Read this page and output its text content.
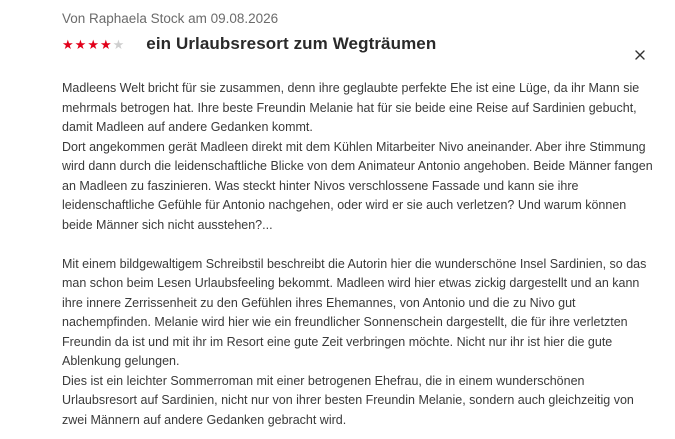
Von Raphaela Stock am 09.08.2026
★ ★ ★ ★ ★ ein Urlaubsresort zum Wegträumen

Madleens Welt bricht für sie zusammen, denn ihre geglaubte perfekte Ehe ist eine Lüge, da ihr Mann sie mehrmals betrogen hat. Ihre beste Freundin Melanie hat für sie beide eine Reise auf Sardinien gebucht, damit Madleen auf andere Gedanken kommt.
Dort angekommen gerät Madleen direkt mit dem Kühlen Mitarbeiter Nivo aneinander. Aber ihre Stimmung wird dann durch die leidenschaftliche Blicke von dem Animateur Antonio angehoben. Beide Männer fangen an Madleen zu faszinieren. Was steckt hinter Nivos verschlossene Fassade und kann sie ihre leidenschaftliche Gefühle für Antonio nachgehen, oder wird er sie auch verletzen? Und warum können beide Männer sich nicht ausstehen?...

Mit einem bildgewaltigem Schreibstil beschreibt die Autorin hier die wunderschöne Insel Sardinien, so das man schon beim Lesen Urlaubsfeeling bekommt. Madleen wird hier etwas zickig dargestellt und an kann ihre innere Zerrissenheit zu den Gefühlen ihres Ehemannes, von Antonio und die zu Nivo gut nachempfinden. Melanie wird hier wie ein freundlicher Sonnenschein dargestellt, die für ihre verletzten Freundin da ist und mit ihr im Resort eine gute Zeit verbringen möchte. Nicht nur ihr ist hier die gute Ablenkung gelungen.
Dies ist ein leichter Sommerroman mit einer betrogenen Ehefrau, die in einem wunderschönen Urlaubsresort auf Sardinien, nicht nur von ihrer besten Freundin Melanie, sondern auch gleichzeitig von zwei Männern auf andere Gedanken gebracht wird.
